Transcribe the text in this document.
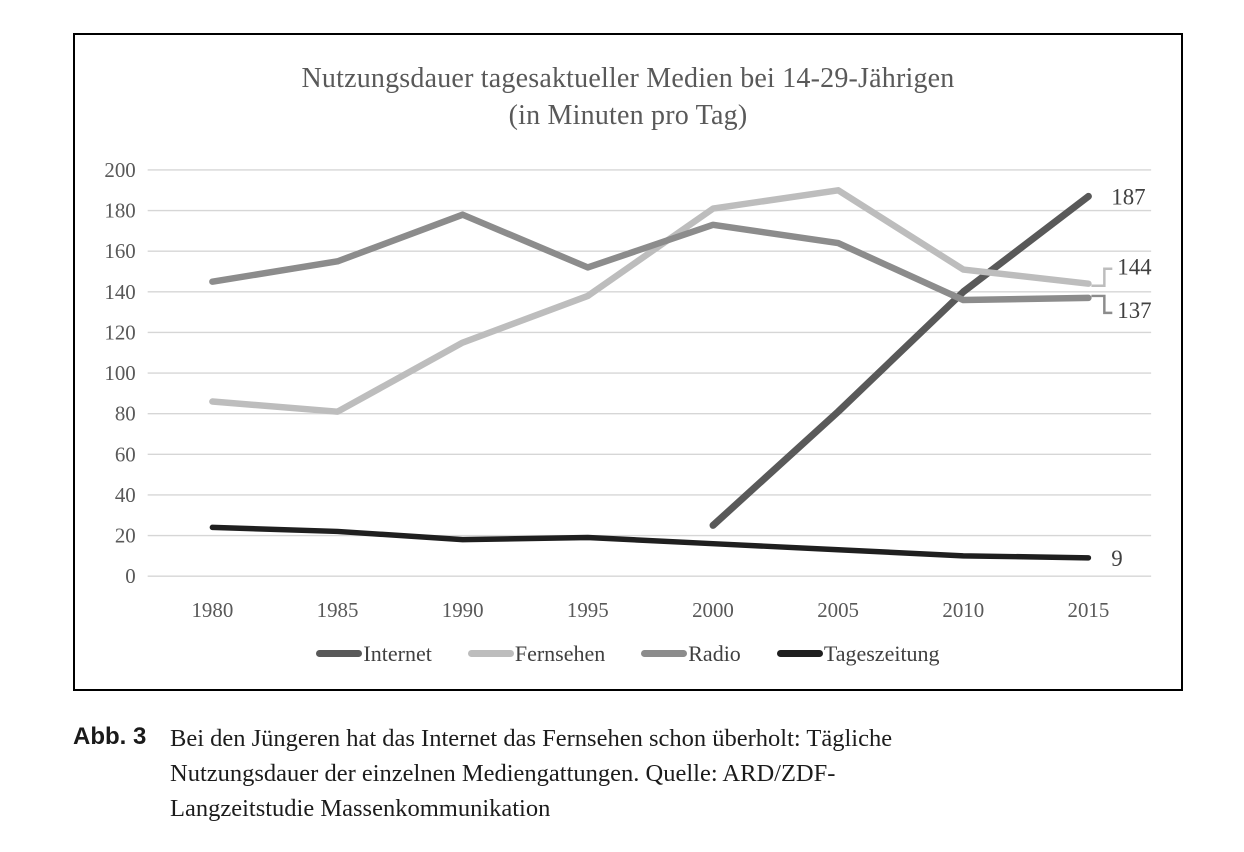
Nutzungsdauer tagesaktueller Medien bei 14-29-Jährigen
(in Minuten pro Tag)
0
20
40
60
80
100
120
140
160
180
200
1980	1985	1990	1995	2000	2005	2010	2015
187
144
137
9
Internet	Fernsehen	Radio	Tageszeitung
Abb. 3 Bei den Jüngeren hat das Internet das Fernsehen schon überholt: Tägliche
Nutzungsdauer der einzelnen Mediengattungen. Quelle: ARD/ZDF-
Langzeitstudie Massenkommunikation
